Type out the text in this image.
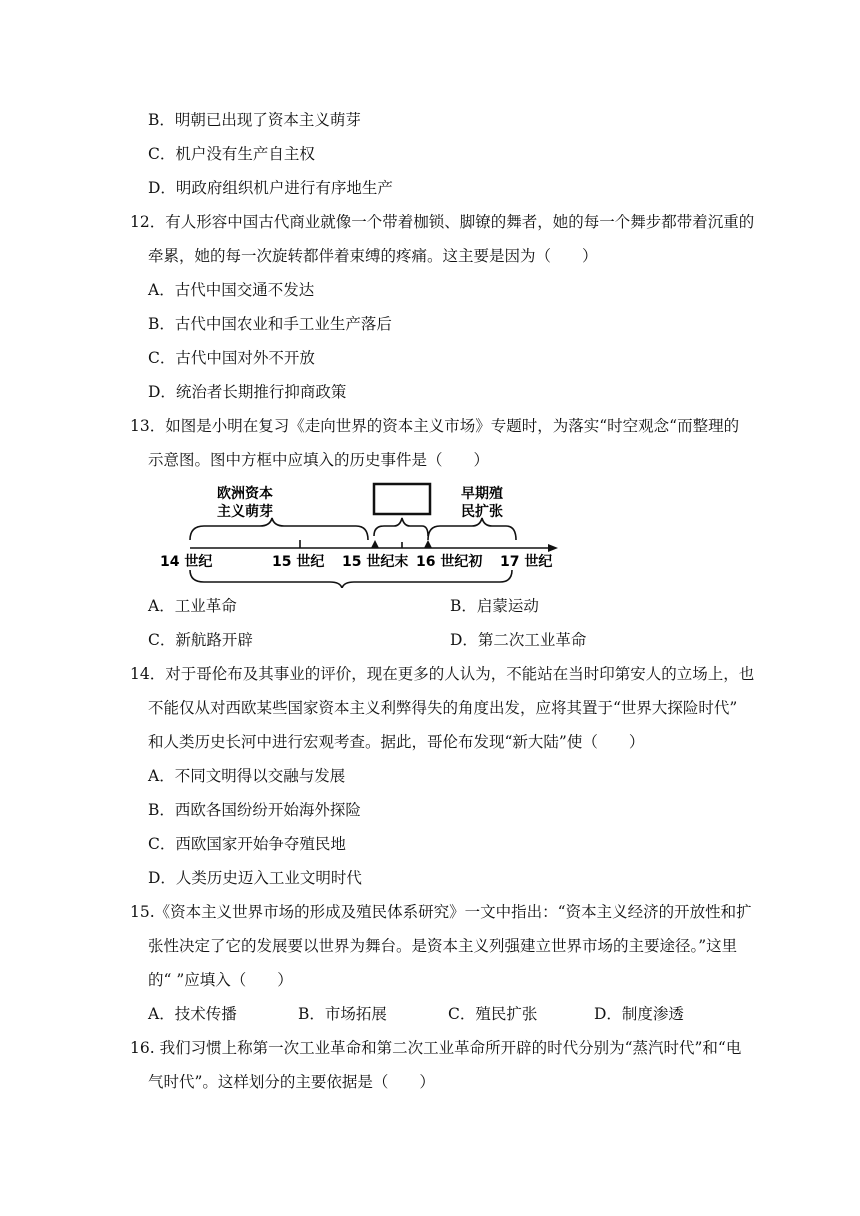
B．明朝已出现了资本主义萌芽
C．机户没有生产自主权
D．明政府组织机户进行有序地生产
12．有人形容中国古代商业就像一个带着枷锁、脚镣的舞者，她的每一个舞步都带着沉重的
牵累，她的每一次旋转都伴着束缚的疼痛。这主要是因为（　　）
A．古代中国交通不发达
B．古代中国农业和手工业生产落后
C．古代中国对外不开放
D．统治者长期推行抑商政策
13．如图是小明在复习《走向世界的资本主义市场》专题时，为落实“时空观念“而整理的
示意图。图中方框中应填入的历史事件是（　　）
欧洲资本
主义萌芽
早期殖
民扩张
14 世纪	15 世纪 15 世纪末 16 世纪初 17 世纪
A．工业革命	B．启蒙运动
C．新航路开辟	D．第二次工业革命
14．对于哥伦布及其事业的评价，现在更多的人认为，不能站在当时印第安人的立场上，也
不能仅从对西欧某些国家资本主义利弊得失的角度出发，应将其置于“世界大探险时代”
和人类历史长河中进行宏观考查。据此，哥伦布发现“新大陆”使（　　）
A．不同文明得以交融与发展
B．西欧各国纷纷开始海外探险
C．西欧国家开始争夺殖民地
D．人类历史迈入工业文明时代
15.《资本主义世界市场的形成及殖民体系研究》一文中指出：“资本主义经济的开放性和扩
张性决定了它的发展要以世界为舞台。是资本主义列强建立世界市场的主要途径。”这里
的“ ”应填入（　　）
A．技术传播	B．市场拓展	C．殖民扩张	D．制度渗透
16. 我们习惯上称第一次工业革命和第二次工业革命所开辟的时代分别为“蒸汽时代”和“电
气时代”。这样划分的主要依据是（　　）
